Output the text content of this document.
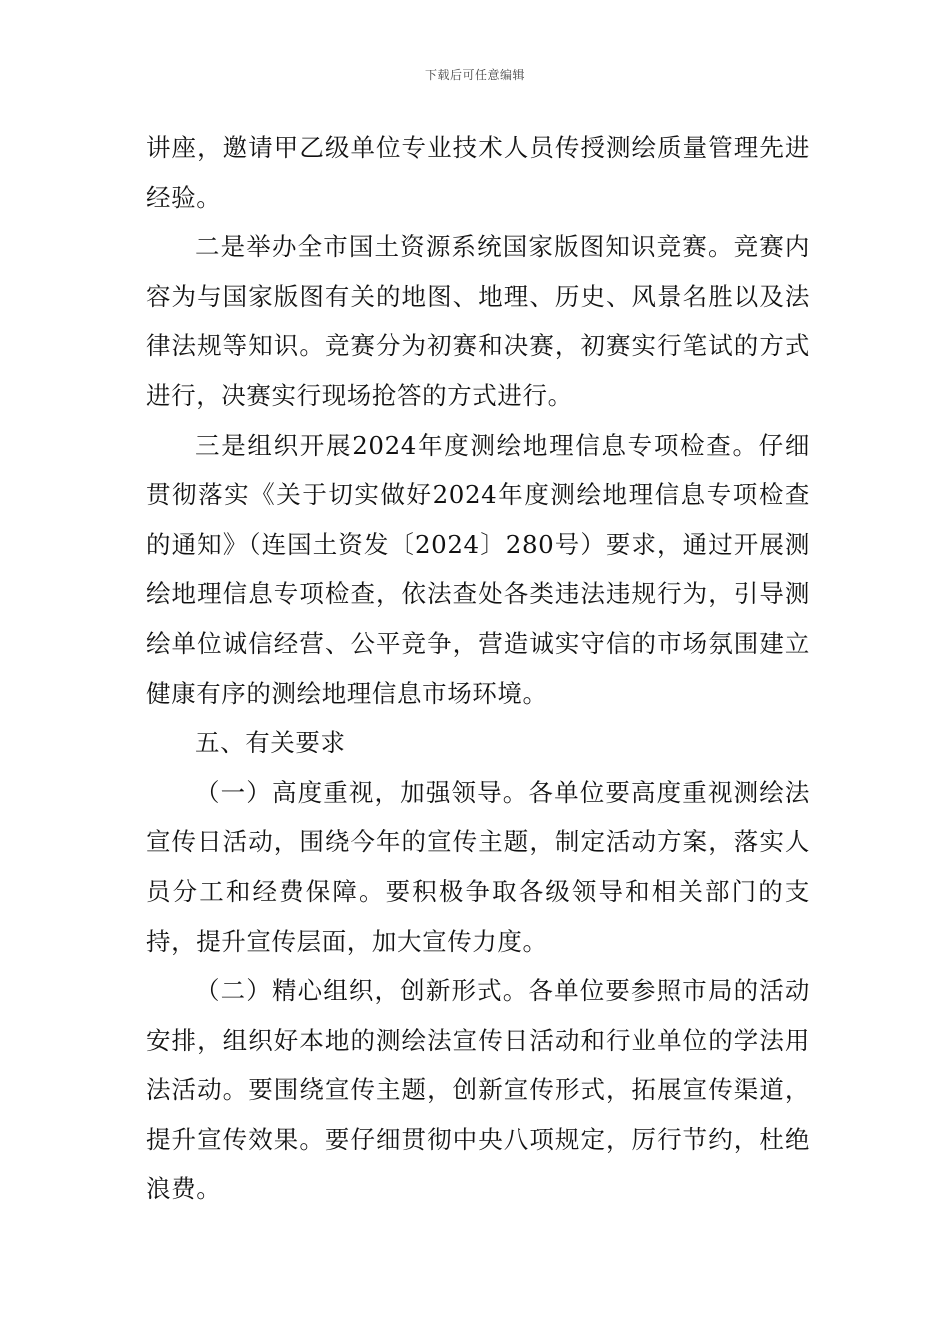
下载后可任意编辑

讲座，邀请甲乙级单位专业技术人员传授测绘质量管理先进经验。

二是举办全市国土资源系统国家版图知识竞赛。竞赛内容为与国家版图有关的地图、地理、历史、风景名胜以及法律法规等知识。竞赛分为初赛和决赛，初赛实行笔试的方式进行，决赛实行现场抢答的方式进行。

三是组织开展2024年度测绘地理信息专项检查。仔细贯彻落实《关于切实做好2024年度测绘地理信息专项检查的通知》（连国土资发〔2024〕280号）要求，通过开展测绘地理信息专项检查，依法查处各类违法违规行为，引导测绘单位诚信经营、公平竞争，营造诚实守信的市场氛围建立健康有序的测绘地理信息市场环境。

五、有关要求

（一）高度重视，加强领导。各单位要高度重视测绘法宣传日活动，围绕今年的宣传主题，制定活动方案，落实人员分工和经费保障。要积极争取各级领导和相关部门的支持，提升宣传层面，加大宣传力度。

（二）精心组织，创新形式。各单位要参照市局的活动安排，组织好本地的测绘法宣传日活动和行业单位的学法用法活动。要围绕宣传主题，创新宣传形式，拓展宣传渠道，提升宣传效果。要仔细贯彻中央八项规定，厉行节约，杜绝浪费。
